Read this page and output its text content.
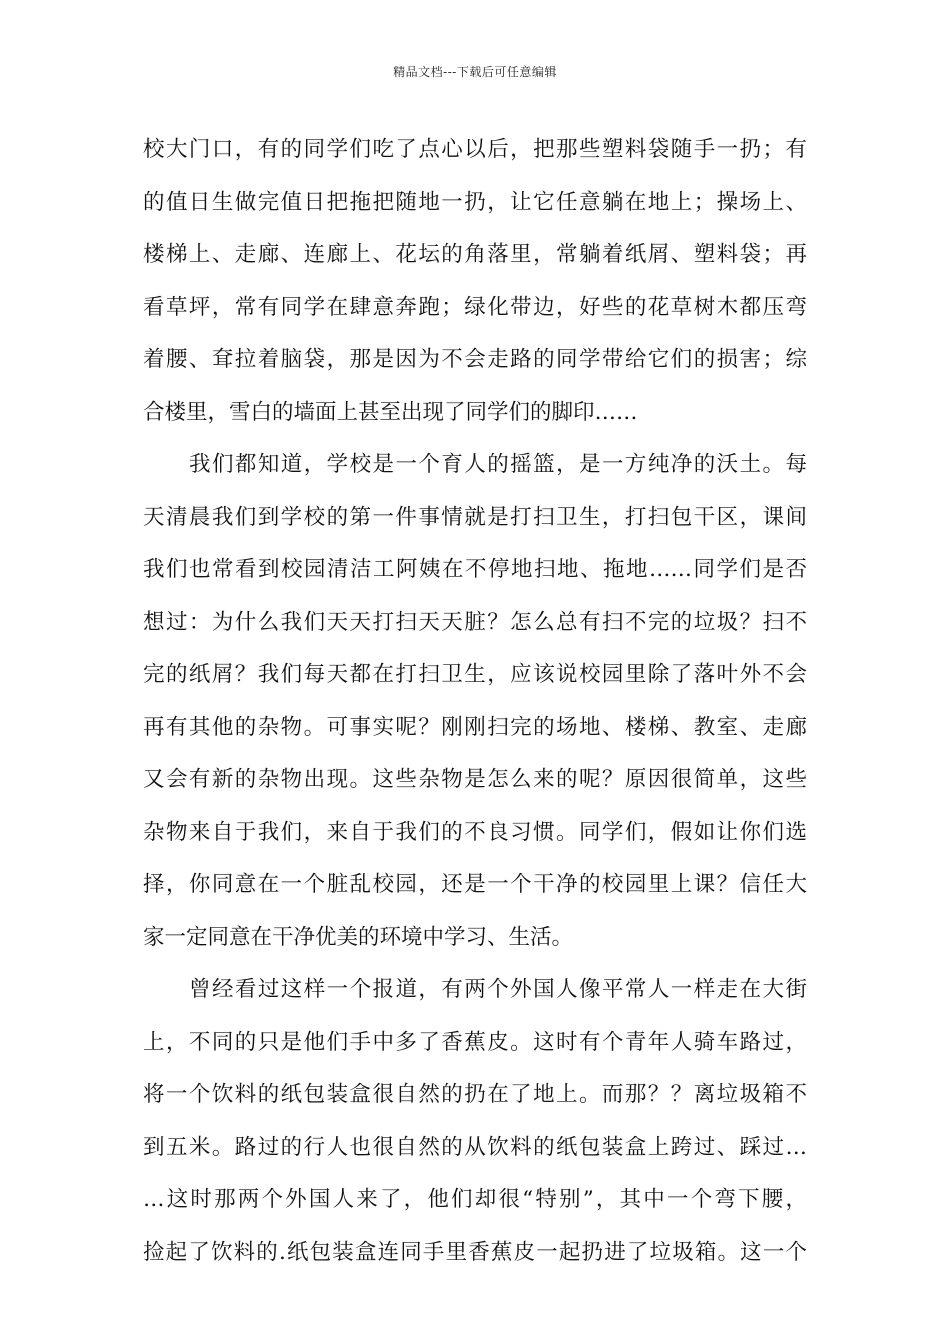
精品文档---下载后可任意编辑
校大门口，有的同学们吃了点心以后，把那些塑料袋随手一扔；有
的值日生做完值日把拖把随地一扔，让它任意躺在地上；操场上、
楼梯上、走廊、连廊上、花坛的角落里，常躺着纸屑、塑料袋；再
看草坪，常有同学在肆意奔跑；绿化带边，好些的花草树木都压弯
着腰、耷拉着脑袋，那是因为不会走路的同学带给它们的损害；综
合楼里，雪白的墙面上甚至出现了同学们的脚印……
我们都知道，学校是一个育人的摇篮，是一方纯净的沃土。每
天清晨我们到学校的第一件事情就是打扫卫生，打扫包干区，课间
我们也常看到校园清洁工阿姨在不停地扫地、拖地……同学们是否
想过：为什么我们天天打扫天天脏？怎么总有扫不完的垃圾？扫不
完的纸屑？我们每天都在打扫卫生，应该说校园里除了落叶外不会
再有其他的杂物。可事实呢？刚刚扫完的场地、楼梯、教室、走廊
又会有新的杂物出现。这些杂物是怎么来的呢？原因很简单，这些
杂物来自于我们，来自于我们的不良习惯。同学们，假如让你们选
择，你同意在一个脏乱校园，还是一个干净的校园里上课？信任大
家一定同意在干净优美的环境中学习、生活。
曾经看过这样一个报道，有两个外国人像平常人一样走在大街
上，不同的只是他们手中多了香蕉皮。这时有个青年人骑车路过，
将一个饮料的纸包装盒很自然的扔在了地上。而那？？离垃圾箱不
到五米。路过的行人也很自然的从饮料的纸包装盒上跨过、踩过…
…这时那两个外国人来了，他们却很“特别”，其中一个弯下腰，
捡起了饮料的.纸包装盒连同手里香蕉皮一起扔进了垃圾箱。这一个
